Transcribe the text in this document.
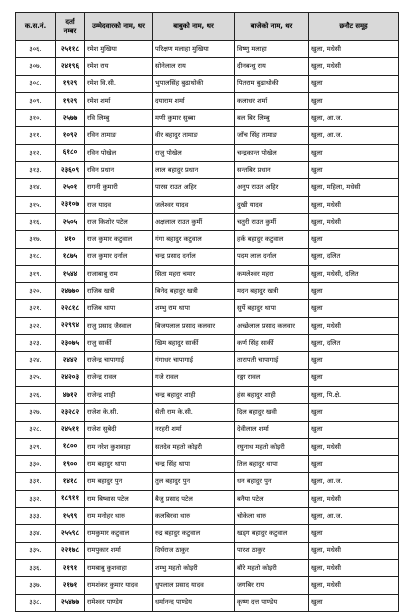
क.स.नं.	दर्ता नम्बर	उम्मेदवारको नाम, थर	बाबुको नाम, थर	बाजेको नाम, थर	छनौट समूह
३०६.	२५११८	रमेश मुखिया	परिक्षण मलाहा मुखिया	विष्णु मलाहा	खुला, मधेसी
३०७.	२४१९६	रमेश राय	सोनेलाल राय	दीनबन्धु राय	खुला, मधेसी
३०८.	१९२९	रमेश वि.सी.	भुपालसिंह बुढाथोकी	पितराम बुढाथोकी	खुला
३०९.	१९२९	रमेश शर्मा	दयाराम शर्मा	कलाधर शर्मा	खुला
३१०.	२५७७	रवि लिम्बु	मणी कुमार सुब्बा	बल बिर लिम्बु	खुला, आ.ज.
३११.	१०९२	रविन तामाङ	वीर बहादुर तामाङ	जाँच सिंह तामाङ	खुला, आ.ज.
३१२.	६१८०	रविन पोखेल	राजु पोखेल	चन्द्रकान्त पोखेल	खुला
३१३.	२३६०९	रविन प्रधान	लाल बहादुर प्रधान	सन्तबिर प्रधान	खुला
३१४.	२५०१	रागनी कुमारी	पारस राउत अहिर	अनुप राउत अहिर	खुला, महिला, मधेसी
३१५.	२३१०७	राज यादव	जलेश्वर यादव	दुखी यादव	खुला, मधेसी
३१६.	२५०५	राज किशोर पटेल	अक्षलाल राउत कुर्मी	चतुरी राउत कुर्मी	खुला, मधेसी
३१७.	४१०	राज कुमार कटुवाल	गंगा बहादुर कटुवाल	हर्क बहादुर कटुवाल	खुला
३१८.	१८७५	राज कुमार दर्नाल	चन्द्र प्रसाद दर्नाल	पदम लाल दर्नाल	खुला, दलित
३१९.	१५४४	राजाबाबु राम	सिता महरा चमार	कमलेश्वर महरा	खुला, मधेसी, दलित
३२०.	२४७७०	राजिब खत्री	बिनेद बहादुर खत्री	मदन बहादुर खत्री	खुला
३२१.	२२८१८	राजिब थापा	शम्भु राम थापा	सुर्ये बहादुर थापा	खुला
३२२.	२२९९४	राजु प्रसाद जैस्वाल	बिजयलाल प्रसाद कलवार	अच्छेलाल प्रसाद कलवार	खुला, मधेसी
३२३.	२३०७५	राजु सार्की	खिम बहादुर सार्की	कर्ण सिंह सार्की	खुला, दलित
३२४.	२४४२	राजेन्द्र चापागाई	गंगाधर चापागाई	तारापती चापागाई	खुला
३२५.	२४२०३	राजेन्द्र रावल	गजे रावल	रङ्गा रावल	खुला
३२६.	४७१२	राजेन्द्र शाही	चन्द्र बहादुर शाही	हंस बहादुर शाही	खुला, पि.क्षे.
३२७.	२३२८२	राजेश के.सी.	सेती राम के.सी.	दिल बहादुर खवी	खुला
३२८.	२४५११	राजेश सुबेदी	नरहरी शर्मा	देवीलाल शर्मा	खुला
३२९.	१८००	राम नरेश कुशवाहा	सतदेव महतो कोइरी	रघुनाथ महतो कोइरी	खुला, मधेसी
३३०.	१९००	राम बहादुर थापा	चन्द्र सिंह थापा	तिल बहादुर थापा	खुला
३३१.	१४१८	राम बहादुर पुन	तुल बहादुर पुन	धन बहादुर पुन	खुला, आ.ज.
३३२.	१८९११	राम बिष्वास पटेल	बैजु प्रसाद पटेल	बनैया पटेल	खुला, मधेसी
३३३.	१५९९	राम मनोहर थारु	कलबिरवा थारु	चोकेला थारु	खुला, आ.ज.
३३४.	२५५९८	रामकुमार कटुवाल	रुद्र बहादुर कटुवाल	खड्ग बहादुर कटुवाल	खुला
३३५.	२२१७८	रामपुकार शर्मा	दिर्घराज ठाकुर	पारश ठाकुर	खुला, मधेसी
३३६.	२१९१	रामबाबु कुशवाहा	शम्भु महतो कोइरी	बौरे महतो कोइरी	खुला, मधेसी
३३७.	२१७१	रामशंकर कुमार यादव	धुपलाल प्रसाद यादव	जगबिर राय	खुला, मधेसी
३३८.	२५४७७	रामेश्वर पाण्डेय	धर्मानन्द पाण्डेय	कृष्ण दत्त पाण्डेय	खुला
